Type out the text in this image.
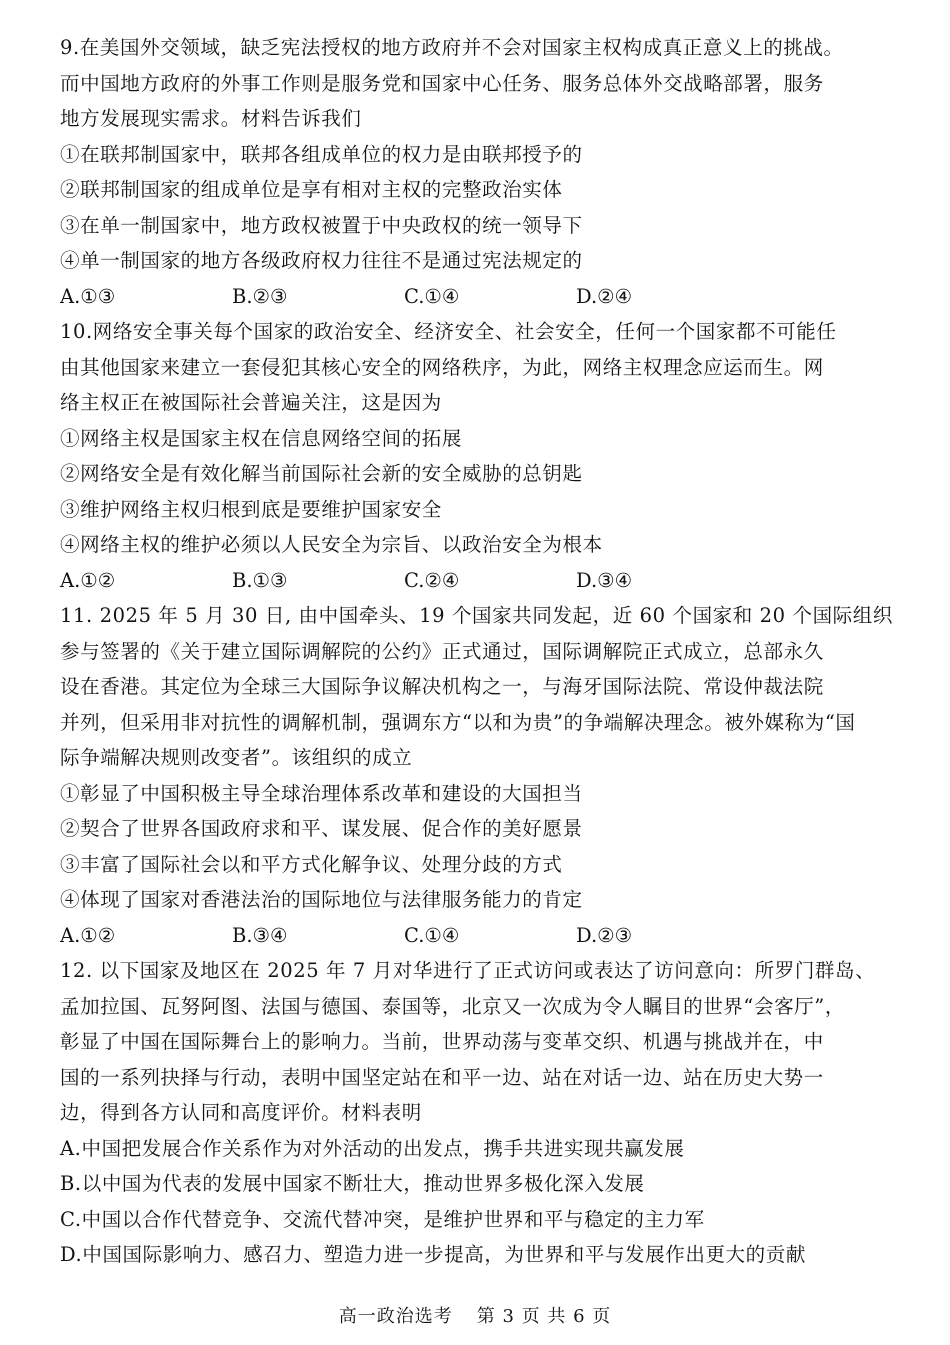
9.在美国外交领域，缺乏宪法授权的地方政府并不会对国家主权构成真正意义上的挑战。
而中国地方政府的外事工作则是服务党和国家中心任务、服务总体外交战略部署，服务
地方发展现实需求。材料告诉我们
①在联邦制国家中，联邦各组成单位的权力是由联邦授予的
②联邦制国家的组成单位是享有相对主权的完整政治实体
③在单一制国家中，地方政权被置于中央政权的统一领导下
④单一制国家的地方各级政府权力往往不是通过宪法规定的
A.①③	B.②③	C.①④	D.②④
10.网络安全事关每个国家的政治安全、经济安全、社会安全，任何一个国家都不可能任
由其他国家来建立一套侵犯其核心安全的网络秩序，为此，网络主权理念应运而生。网
络主权正在被国际社会普遍关注，这是因为
①网络主权是国家主权在信息网络空间的拓展
②网络安全是有效化解当前国际社会新的安全威胁的总钥匙
③维护网络主权归根到底是要维护国家安全
④网络主权的维护必须以人民安全为宗旨、以政治安全为根本
A.①②	B.①③	C.②④	D.③④
11. 2025 年 5 月 30 日, 由中国牵头、19 个国家共同发起，近 60 个国家和 20 个国际组织
参与签署的《关于建立国际调解院的公约》正式通过，国际调解院正式成立，总部永久
设在香港。其定位为全球三大国际争议解决机构之一，与海牙国际法院、常设仲裁法院
并列，但采用非对抗性的调解机制，强调东方“以和为贵”的争端解决理念。被外媒称为“国
际争端解决规则改变者”。该组织的成立
①彰显了中国积极主导全球治理体系改革和建设的大国担当
②契合了世界各国政府求和平、谋发展、促合作的美好愿景
③丰富了国际社会以和平方式化解争议、处理分歧的方式
④体现了国家对香港法治的国际地位与法律服务能力的肯定
A.①②	B.③④	C.①④	D.②③
12. 以下国家及地区在 2025 年 7 月对华进行了正式访问或表达了访问意向：所罗门群岛、
孟加拉国、瓦努阿图、法国与德国、泰国等，北京又一次成为令人瞩目的世界“会客厅”，
彰显了中国在国际舞台上的影响力。当前，世界动荡与变革交织、机遇与挑战并在，中
国的一系列抉择与行动，表明中国坚定站在和平一边、站在对话一边、站在历史大势一
边，得到各方认同和高度评价。材料表明
A.中国把发展合作关系作为对外活动的出发点，携手共进实现共赢发展
B.以中国为代表的发展中国家不断壮大，推动世界多极化深入发展
C.中国以合作代替竞争、交流代替冲突，是维护世界和平与稳定的主力军
D.中国国际影响力、感召力、塑造力进一步提高，为世界和平与发展作出更大的贡献
高一政治选考 第 3 页 共 6 页
